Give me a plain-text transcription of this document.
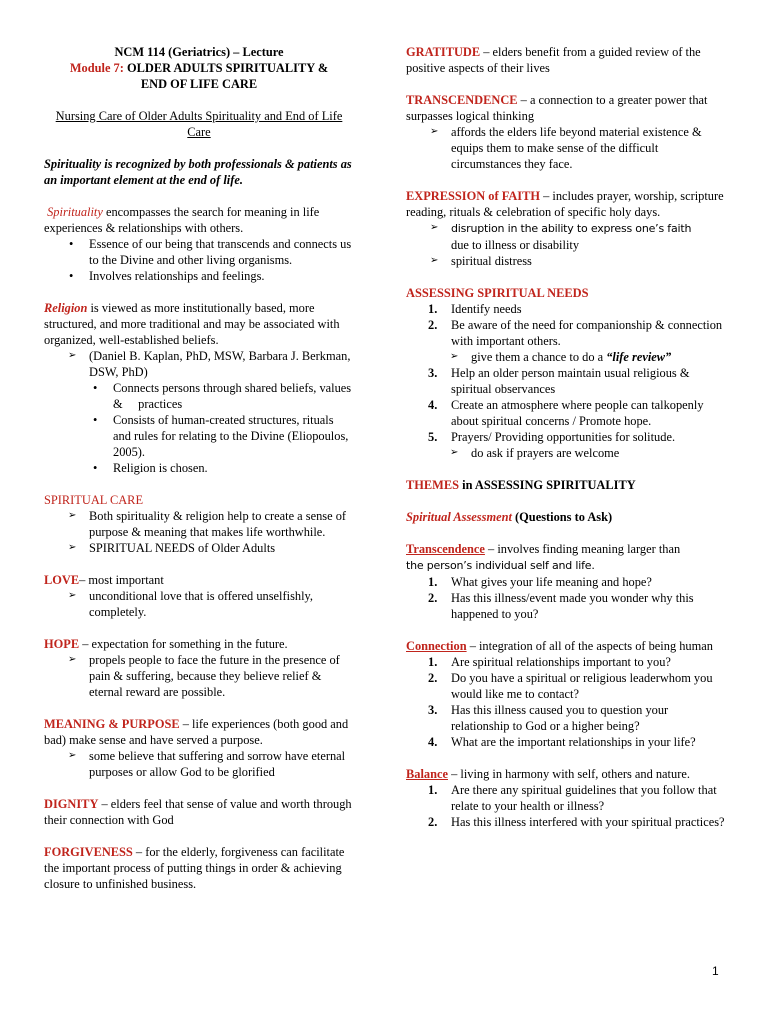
NCM 114 (Geriatrics) – Lecture

Module 7: OLDER ADULTS SPIRITUALITY &

END OF LIFE CARE

Nursing Care of Older Adults Spirituality and End of Life Care

Spirituality is recognized by both professionals & patients as an important element at the end of life.

Spirituality encompasses the search for meaning in life experiences & relationships with others.

• Essence of our being that transcends and connects us to the Divine and other living organisms.
• Involves relationships and feelings.

Religion is viewed as more institutionally based, more structured, and more traditional and may be associated with organized, well-established beliefs.

➢ (Daniel B. Kaplan, PhD, MSW, Barbara J. Berkman, DSW, PhD)
• Connects persons through shared beliefs, values &     practices
• Consists of human-created structures, rituals and rules for relating to the Divine (Eliopoulos, 2005).
• Religion is chosen.

SPIRITUAL CARE

➢ Both spirituality & religion help to create a sense of purpose & meaning that makes life worthwhile.
➢ SPIRITUAL NEEDS of Older Adults

LOVE– most important

➢ unconditional love that is offered unselfishly, completely.

HOPE – expectation for something in the future.

➢ propels people to face the future in the presence of pain & suffering, because they believe relief & eternal reward are possible.

MEANING & PURPOSE – life experiences (both good and bad) make sense and have served a purpose.

➢ some believe that suffering and sorrow have eternal purposes or allow God to be glorified

DIGNITY – elders feel that sense of value and worth through their connection with God

FORGIVENESS – for the elderly, forgiveness can facilitate the important process of putting things in order & achieving closure to unfinished business.

GRATITUDE – elders benefit from a guided review of the positive aspects of their lives

TRANSCENDENCE – a connection to a greater power that surpasses logical thinking

➢ affords the elders life beyond material existence & equips them to make sense of the difficult circumstances they face.

EXPRESSION of FAITH – includes prayer, worship, scripture reading, rituals & celebration of specific holy days.

➢ disruption in the ability to express one’s faith
due to illness or disability
➢ spiritual distress

ASSESSING SPIRITUAL NEEDS

1. Identify needs
2. Be aware of the need for companionship & connection with important others.
➢ give them a chance to do a “life review”
3. Help an older person maintain usual religious & spiritual observances
4. Create an atmosphere where people can talkopenly about spiritual concerns / Promote hope.
5. Prayers/ Providing opportunities for solitude.
➢ do ask if prayers are welcome

THEMES in ASSESSING SPIRITUALITY

Spiritual Assessment (Questions to Ask)

Transcendence – involves finding meaning larger than
the person’s individual self and life.

1. What gives your life meaning and hope?
2. Has this illness/event made you wonder why this happened to you?

Connection – integration of all of the aspects of being human

1. Are spiritual relationships important to you?
2. Do you have a spiritual or religious leaderwhom you would like me to contact?
3. Has this illness caused you to question your relationship to God or a higher being?
4. What are the important relationships in your life?

Balance – living in harmony with self, others and nature.

1. Are there any spiritual guidelines that you follow that relate to your health or illness?
2. Has this illness interfered with your spiritual practices?
1
